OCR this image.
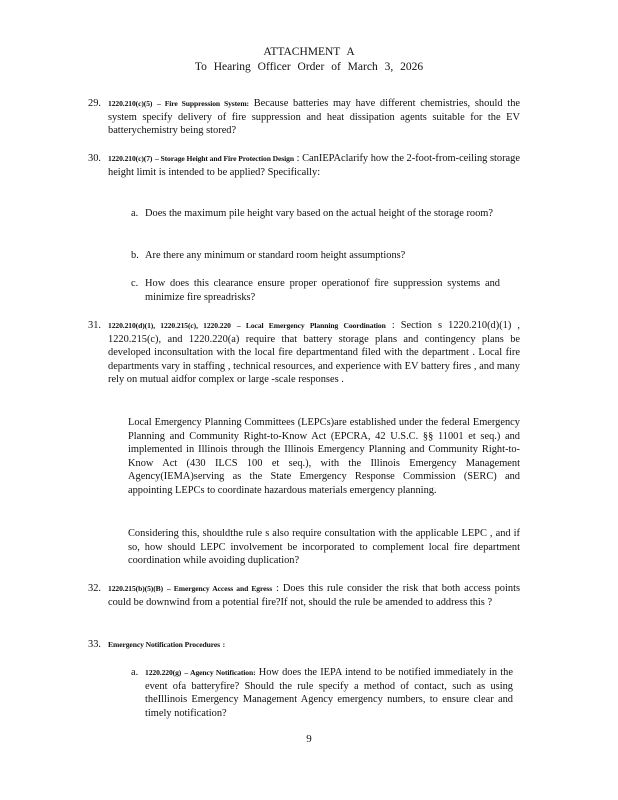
ATTACHMENT A
To Hearing Officer Order of March 3, 2026
29. 1220.210(c)(5) – Fire Suppression System: Because batteries may have different chemistries, should the system specify delivery of fire suppression and heat dissipation agents suitable for the EV batterychemistry being stored?

30. 1220.210(c)(7) – Storage Height and Fire Protection Design : CanIEPAclarify how the 2-foot-from-ceiling storage height limit is intended to be applied? Specifically:

a. Does the maximum pile height vary based on the actual height of the storage room?

b. Are there any minimum or standard room height assumptions?

c. How does this clearance ensure proper operationof fire suppression systems and minimize fire spreadrisks?

31. 1220.210(d)(1), 1220.215(c), 1220.220 – Local Emergency Planning Coordination : Section s 1220.210(d)(1) , 1220.215(c), and 1220.220(a) require that battery storage plans and contingency plans be developed inconsultation with the local fire departmentand filed with the department . Local fire departments vary in staffing , technical resources, and experience with EV battery fires , and many rely on mutual aidfor complex or large -scale responses .

Local Emergency Planning Committees (LEPCs)are established under the federal Emergency Planning and Community Right-to-Know Act (EPCRA, 42 U.S.C. §§ 11001 et seq.) and implemented in Illinois through the Illinois Emergency Planning and Community Right-to-Know Act (430 ILCS 100 et seq.), with the Illinois Emergency Management Agency(IEMA)serving as the State Emergency Response Commission (SERC) and appointing LEPCs to coordinate hazardous materials emergency planning.

Considering this, shouldthe rule s also require consultation with the applicable LEPC , and if so, how should LEPC involvement be incorporated to complement local fire department coordination while avoiding duplication?

32. 1220.215(b)(5)(B) – Emergency Access and Egress : Does this rule consider the risk that both access points could be downwind from a potential fire?If not, should the rule be amended to address this ?

33. Emergency Notification Procedures :

a. 1220.220(g) – Agency Notification: How does the IEPA intend to be notified immediately in the event ofa batteryfire? Should the rule specify a method of contact, such as using theIllinois Emergency Management Agency emergency numbers, to ensure clear and timely notification?

9
